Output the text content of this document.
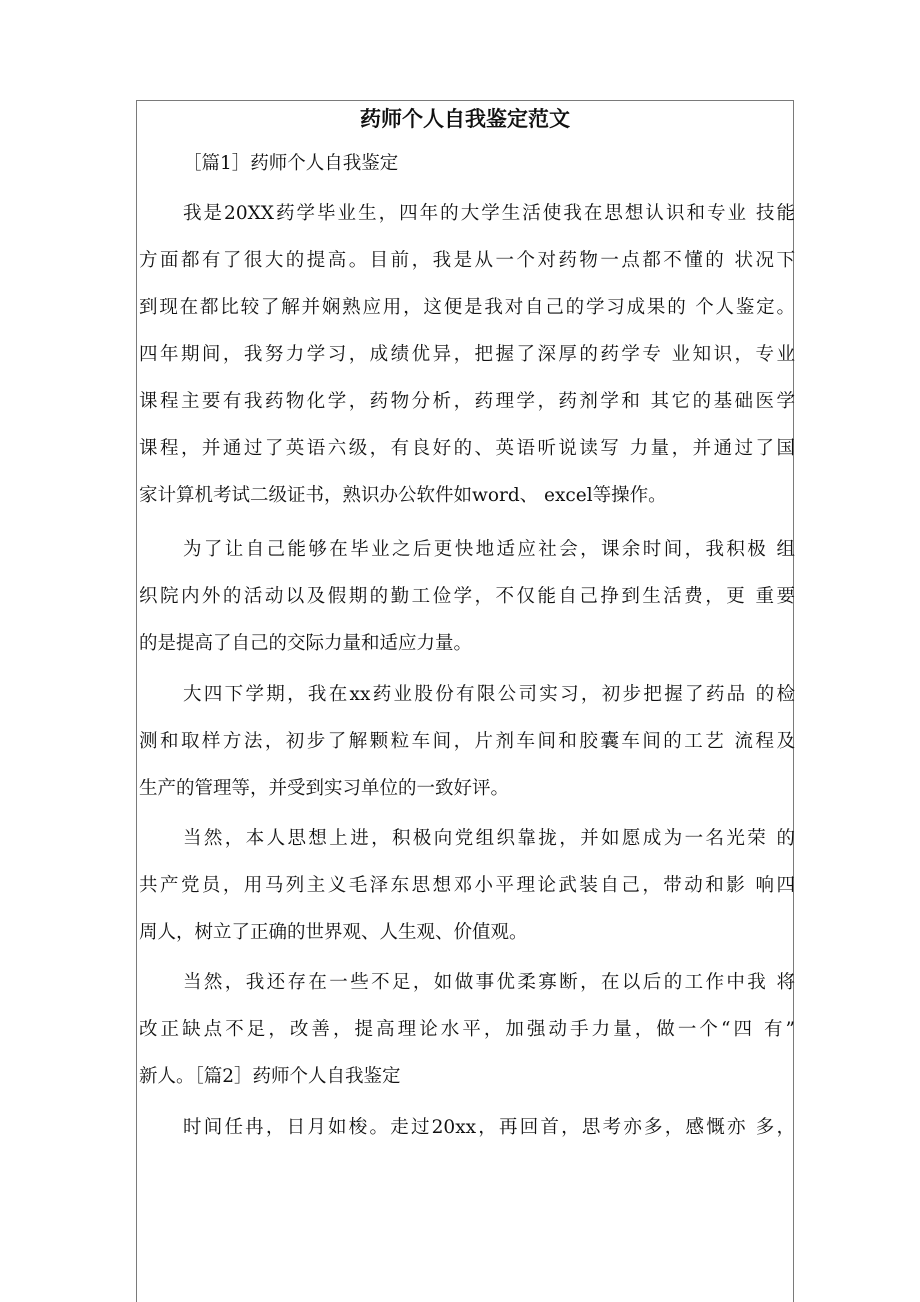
药师个人自我鉴定范文
［篇1］药师个人自我鉴定
我是20XX药学毕业生，四年的大学生活使我在思想认识和专业 技能
方面都有了很大的提高。目前，我是从一个对药物一点都不懂的 状况下
到现在都比较了解并娴熟应用，这便是我对自己的学习成果的 个人鉴定。
四年期间，我努力学习，成绩优异，把握了深厚的药学专 业知识，专业
课程主要有我药物化学，药物分析，药理学，药剂学和 其它的基础医学
课程，并通过了英语六级，有良好的、英语听说读写 力量，并通过了国
家计算机考试二级证书，熟识办公软件如word、 excel等操作。
为了让自己能够在毕业之后更快地适应社会，课余时间，我积极 组
织院内外的活动以及假期的勤工俭学，不仅能自己挣到生活费，更 重要
的是提高了自己的交际力量和适应力量。
大四下学期，我在xx药业股份有限公司实习，初步把握了药品 的检
测和取样方法，初步了解颗粒车间，片剂车间和胶囊车间的工艺 流程及
生产的管理等，并受到实习单位的一致好评。
当然，本人思想上进，积极向党组织靠拢，并如愿成为一名光荣 的
共产党员，用马列主义毛泽东思想邓小平理论武装自己，带动和影 响四
周人，树立了正确的世界观、人生观、价值观。
当然，我还存在一些不足，如做事优柔寡断，在以后的工作中我 将
改正缺点不足，改善，提高理论水平，加强动手力量，做一个“四 有”
新人。［篇2］药师个人自我鉴定
时间任冉，日月如梭。走过20xx，再回首，思考亦多，感慨亦 多，
